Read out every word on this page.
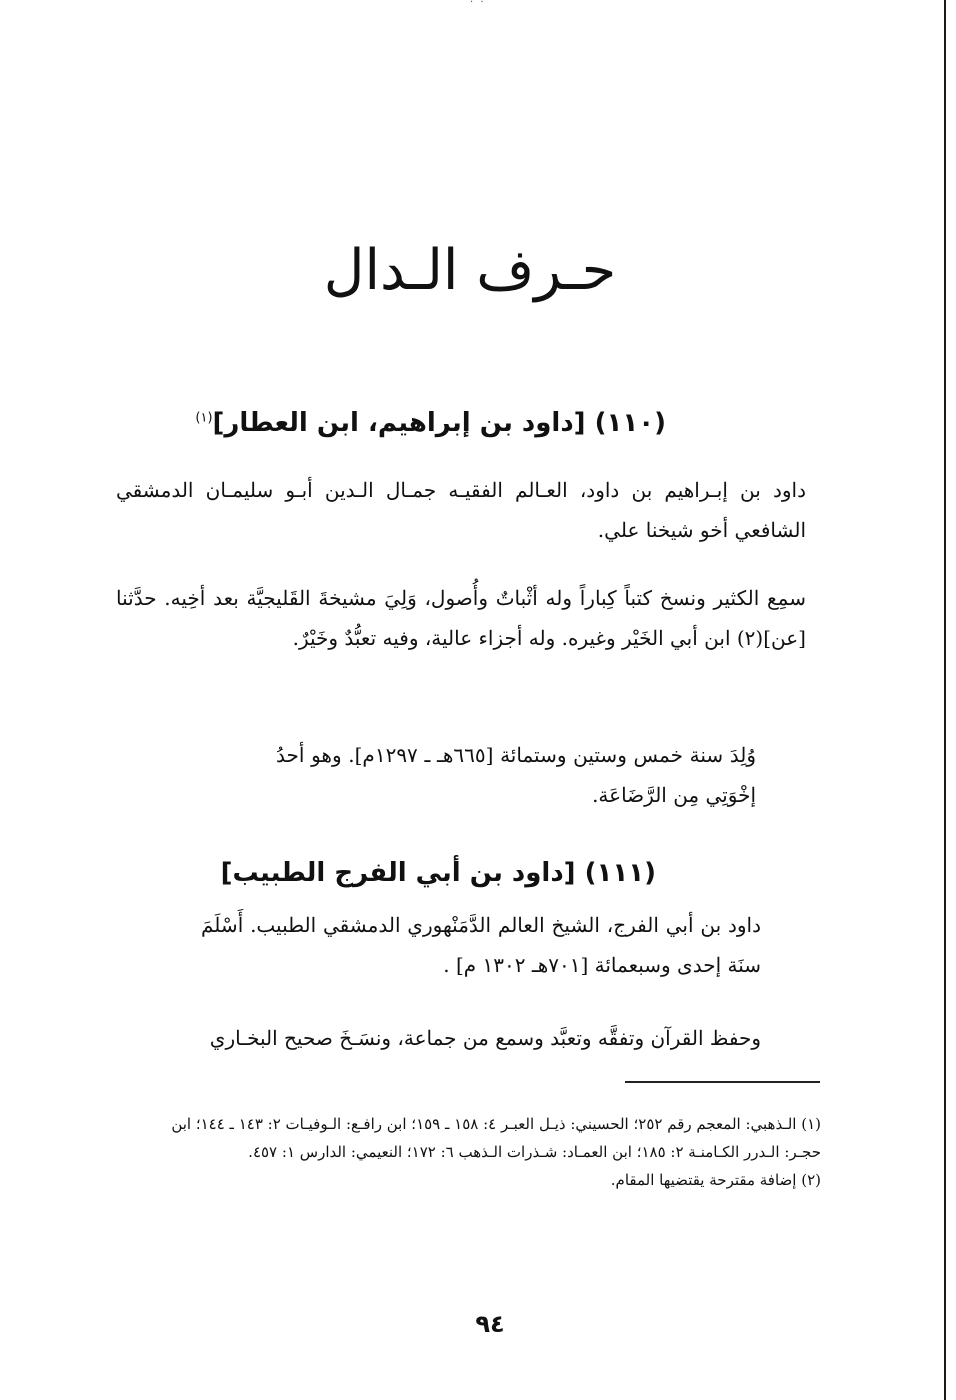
· ·
حـرف الـدال
(١١٠) [داود بن إبراهيم، ابن العطار]$^{(١)}$
داود بن إبـراهيم بن داود، العـالم الفقيـه جمـال الـدين أبـو سليمـان الدمشقي الشافعي أخو شيخنا علي.
سمِع الكثير ونسخ كتباً كِباراً وله أثْباتٌ وأُصول، وَلِيَ مشيخةَ القَليجيَّة بعد أخِيه. حدَّثنا [عن](٢) ابن أبي الخَيْر وغيره. وله أجزاء عالية، وفيه تعبُّدٌ وخَيْرٌ.
وُلِدَ سنة خمس وستين وستمائة [٦٦٥هـ ـ ١٢٩٧م]. وهو أحدُ إخْوَتِي مِن الرَّضَاعَة.
(١١١) [داود بن أبي الفرج الطبيب]
داود بن أبي الفرج، الشيخ العالم الدَّمَنْهوري الدمشقي الطبيب. أَسْلَمَ سنَة إحدى وسبعمائة [٧٠١هـ ١٣٠٢ م] .
وحفظ القرآن وتفقَّه وتعبَّد وسمع من جماعة، ونسَـخَ صحيح البخـاري
(١) الـذهبي: المعجم رقم ٢٥٢؛ الحسيني: ذيـل العبـر ٤: ١٥٨ ـ ١٥٩؛ ابن رافـع: الـوفيـات ٢: ١٤٣ ـ ١٤٤؛ ابن حجـر: الـدرر الكـامنـة ٢: ١٨٥؛ ابن العمـاد: شـذرات الـذهب ٦: ١٧٢؛ النعيمي: الدارس ١: ٤٥٧.
(٢) إضافة مقترحة يقتضيها المقام.
٩٤
